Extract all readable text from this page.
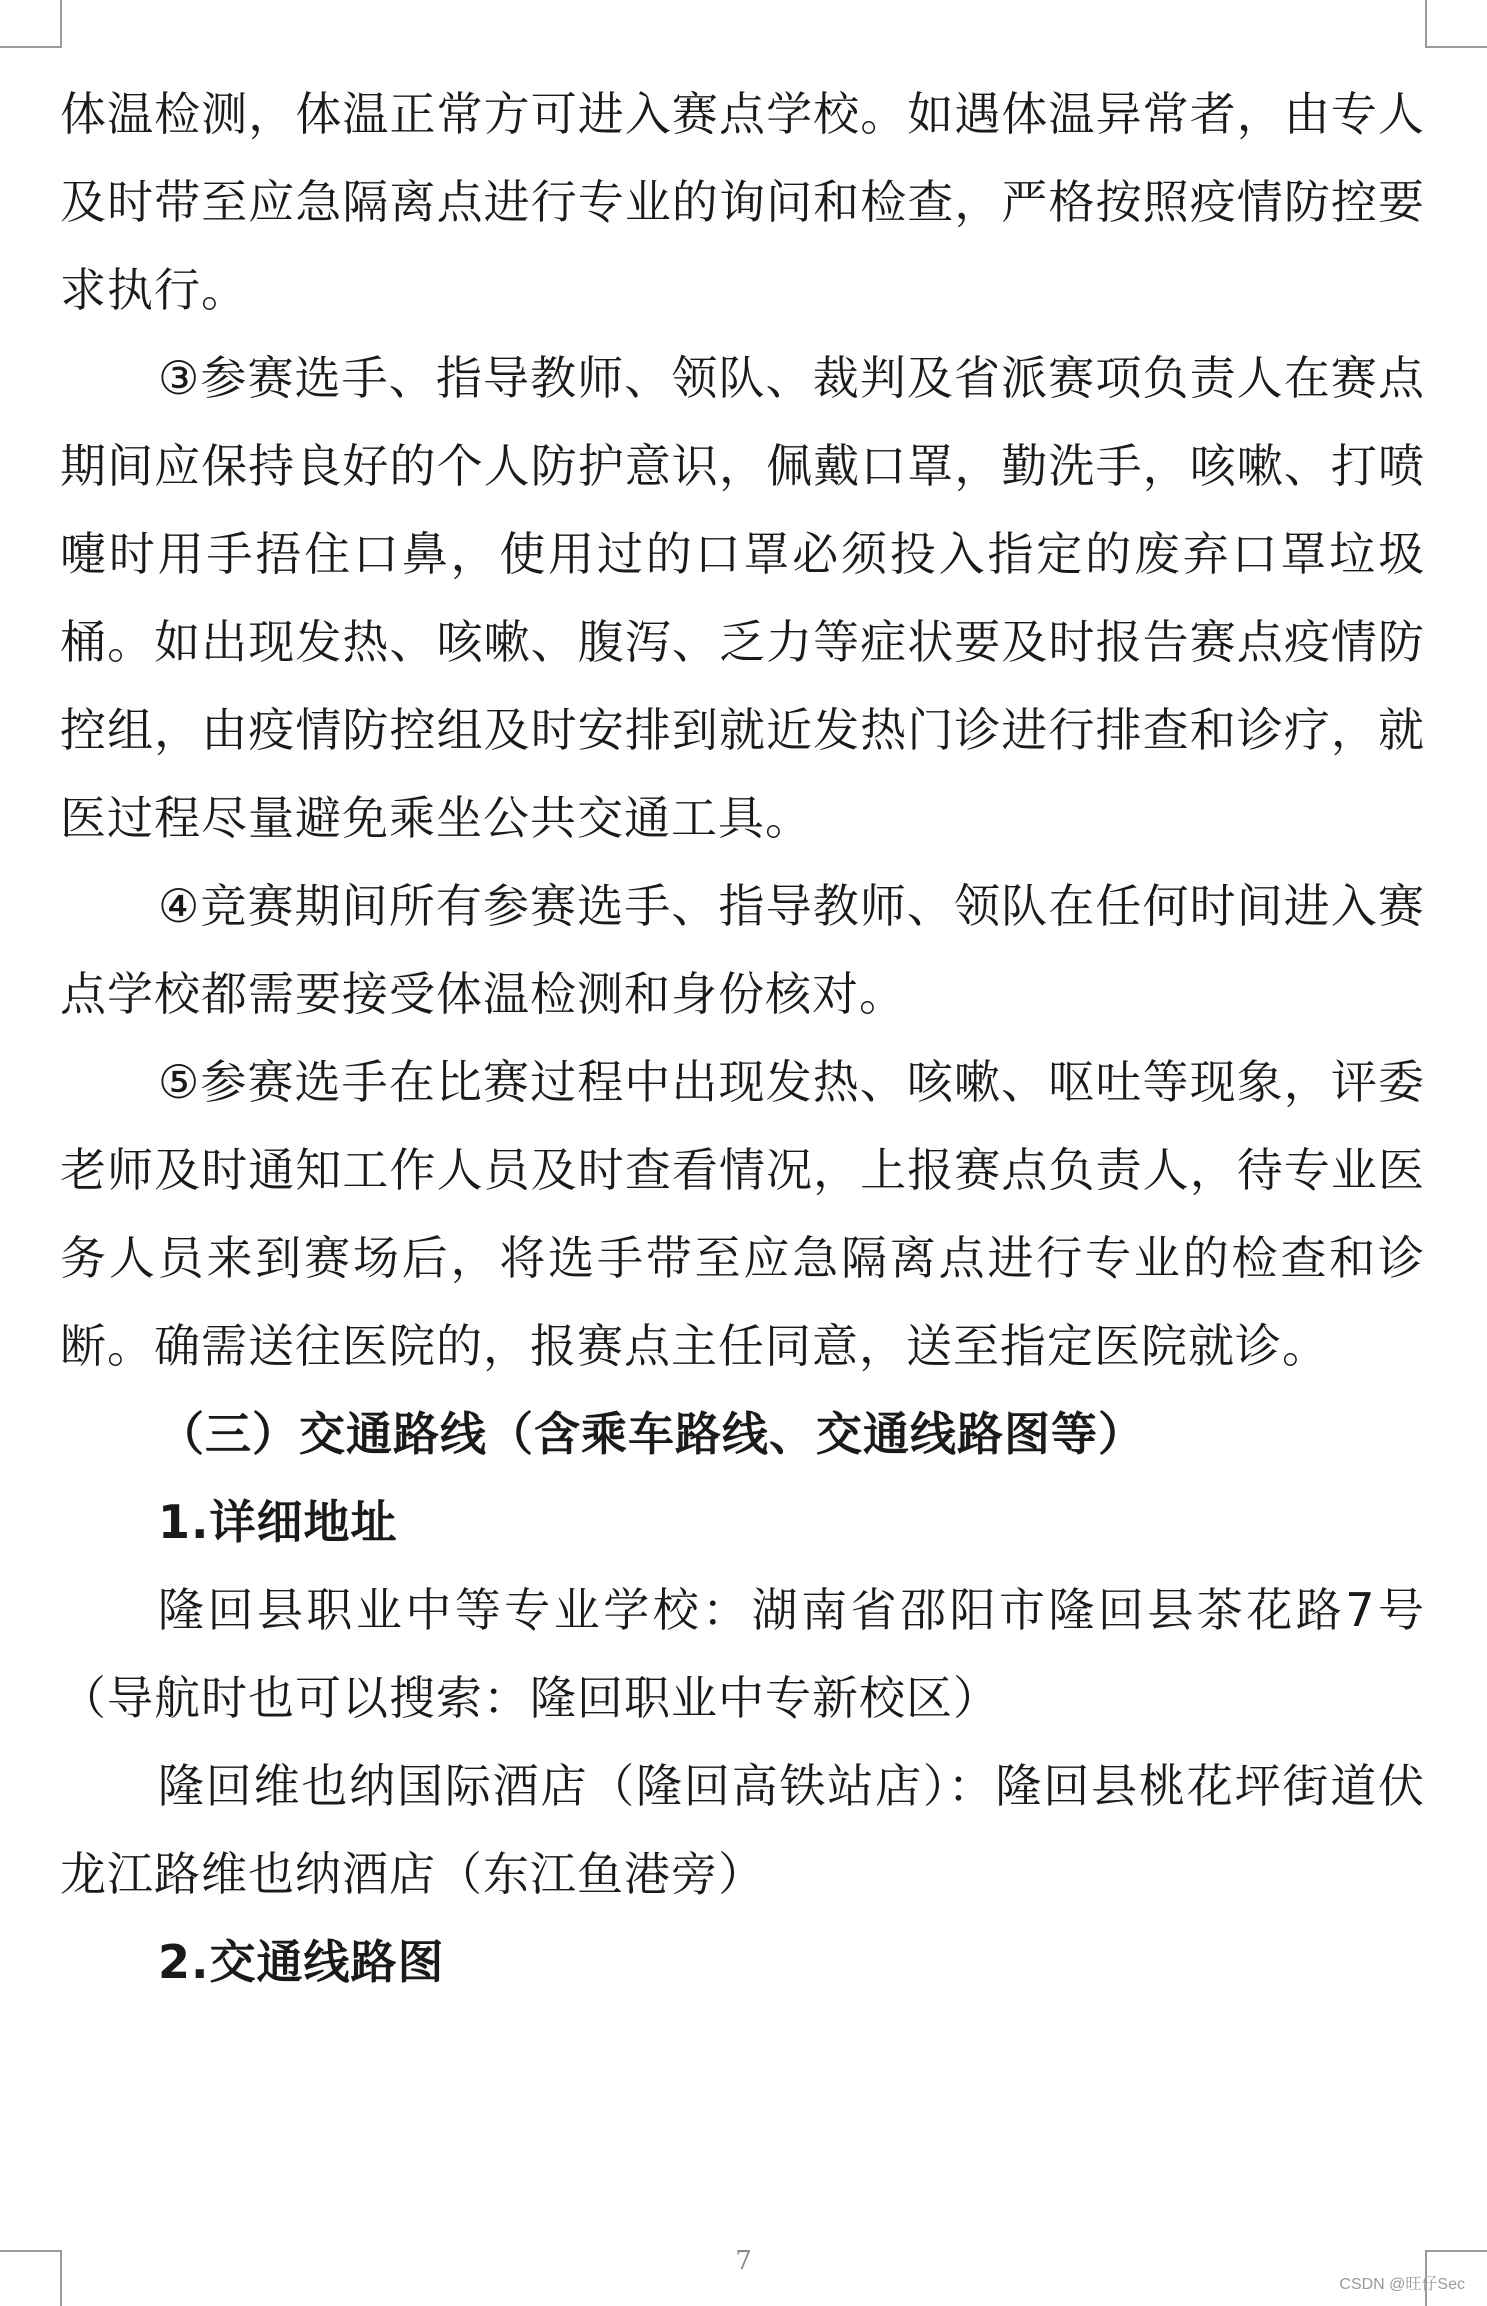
体温检测，体温正常方可进入赛点学校。如遇体温异常者，由专人及时带至应急隔离点进行专业的询问和检查，严格按照疫情防控要求执行。

③参赛选手、指导教师、领队、裁判及省派赛项负责人在赛点期间应保持良好的个人防护意识，佩戴口罩，勤洗手，咳嗽、打喷嚏时用手捂住口鼻，使用过的口罩必须投入指定的废弃口罩垃圾桶。如出现发热、咳嗽、腹泻、乏力等症状要及时报告赛点疫情防控组，由疫情防控组及时安排到就近发热门诊进行排查和诊疗，就医过程尽量避免乘坐公共交通工具。

④竞赛期间所有参赛选手、指导教师、领队在任何时间进入赛点学校都需要接受体温检测和身份核对。

⑤参赛选手在比赛过程中出现发热、咳嗽、呕吐等现象，评委老师及时通知工作人员及时查看情况，上报赛点负责人，待专业医务人员来到赛场后，将选手带至应急隔离点进行专业的检查和诊断。确需送往医院的，报赛点主任同意，送至指定医院就诊。

（三）交通路线（含乘车路线、交通线路图等）

1.详细地址

隆回县职业中等专业学校：湖南省邵阳市隆回县茶花路7号（导航时也可以搜索：隆回职业中专新校区）

隆回维也纳国际酒店（隆回高铁站店）：隆回县桃花坪街道伏龙江路维也纳酒店（东江鱼港旁）

2.交通线路图

7
CSDN @旺仔Sec
